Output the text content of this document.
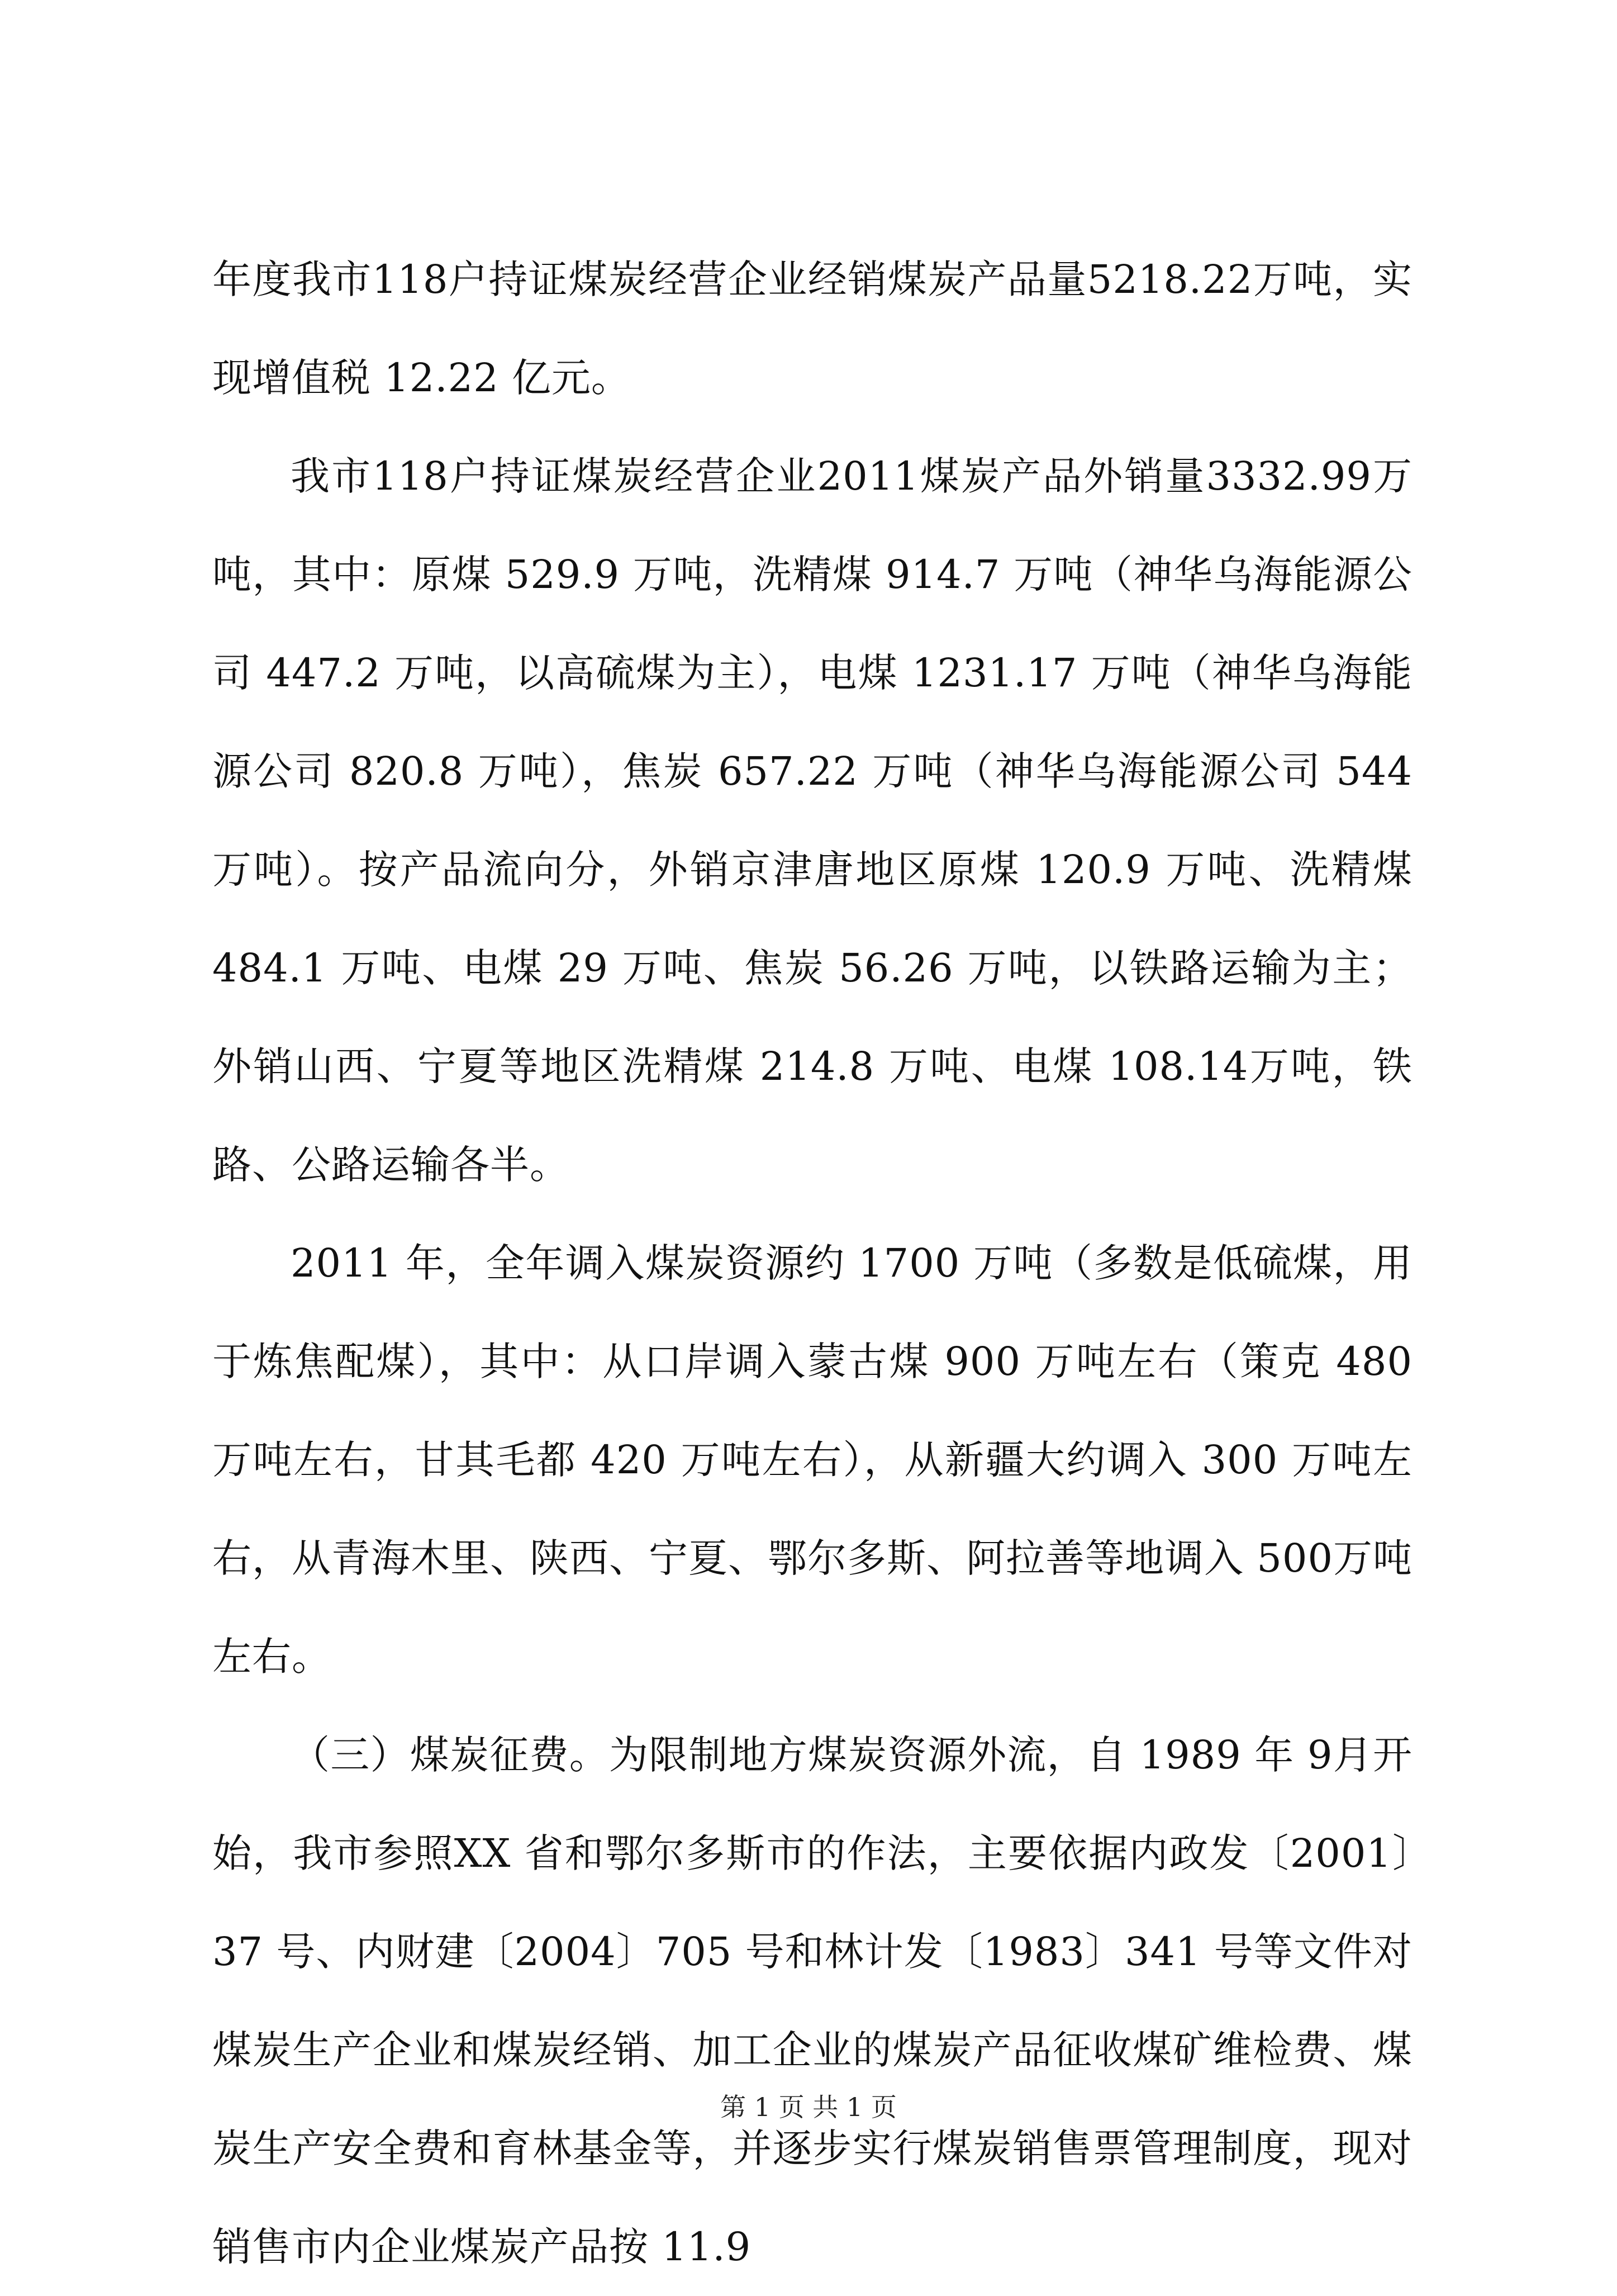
年度我市118户持证煤炭经营企业经销煤炭产品量5218.22万吨，实现增值税 12.22 亿元。

我市118户持证煤炭经营企业2011煤炭产品外销量3332.99万吨，其中：原煤 529.9 万吨，洗精煤 914.7 万吨（神华乌海能源公司 447.2 万吨，以高硫煤为主），电煤 1231.17 万吨（神华乌海能源公司 820.8 万吨），焦炭 657.22 万吨（神华乌海能源公司 544 万吨）。按产品流向分，外销京津唐地区原煤 120.9 万吨、洗精煤 484.1 万吨、电煤 29 万吨、焦炭 56.26 万吨，以铁路运输为主；外销山西、宁夏等地区洗精煤 214.8 万吨、电煤 108.14万吨，铁路、公路运输各半。

2011 年，全年调入煤炭资源约 1700 万吨（多数是低硫煤，用于炼焦配煤），其中：从口岸调入蒙古煤 900 万吨左右（策克 480万吨左右，甘其毛都 420 万吨左右），从新疆大约调入 300 万吨左右，从青海木里、陕西、宁夏、鄂尔多斯、阿拉善等地调入 500万吨左右。

（三）煤炭征费。为限制地方煤炭资源外流，自 1989 年 9月开始，我市参照XX 省和鄂尔多斯市的作法，主要依据内政发〔2001〕37 号、内财建〔2004〕705 号和林计发〔1983〕341 号等文件对煤炭生产企业和煤炭经销、加工企业的煤炭产品征收煤矿维检费、煤炭生产安全费和育林基金等，并逐步实行煤炭销售票管理制度，现对销售市内企业煤炭产品按 11.9

第 1 页 共 1 页
